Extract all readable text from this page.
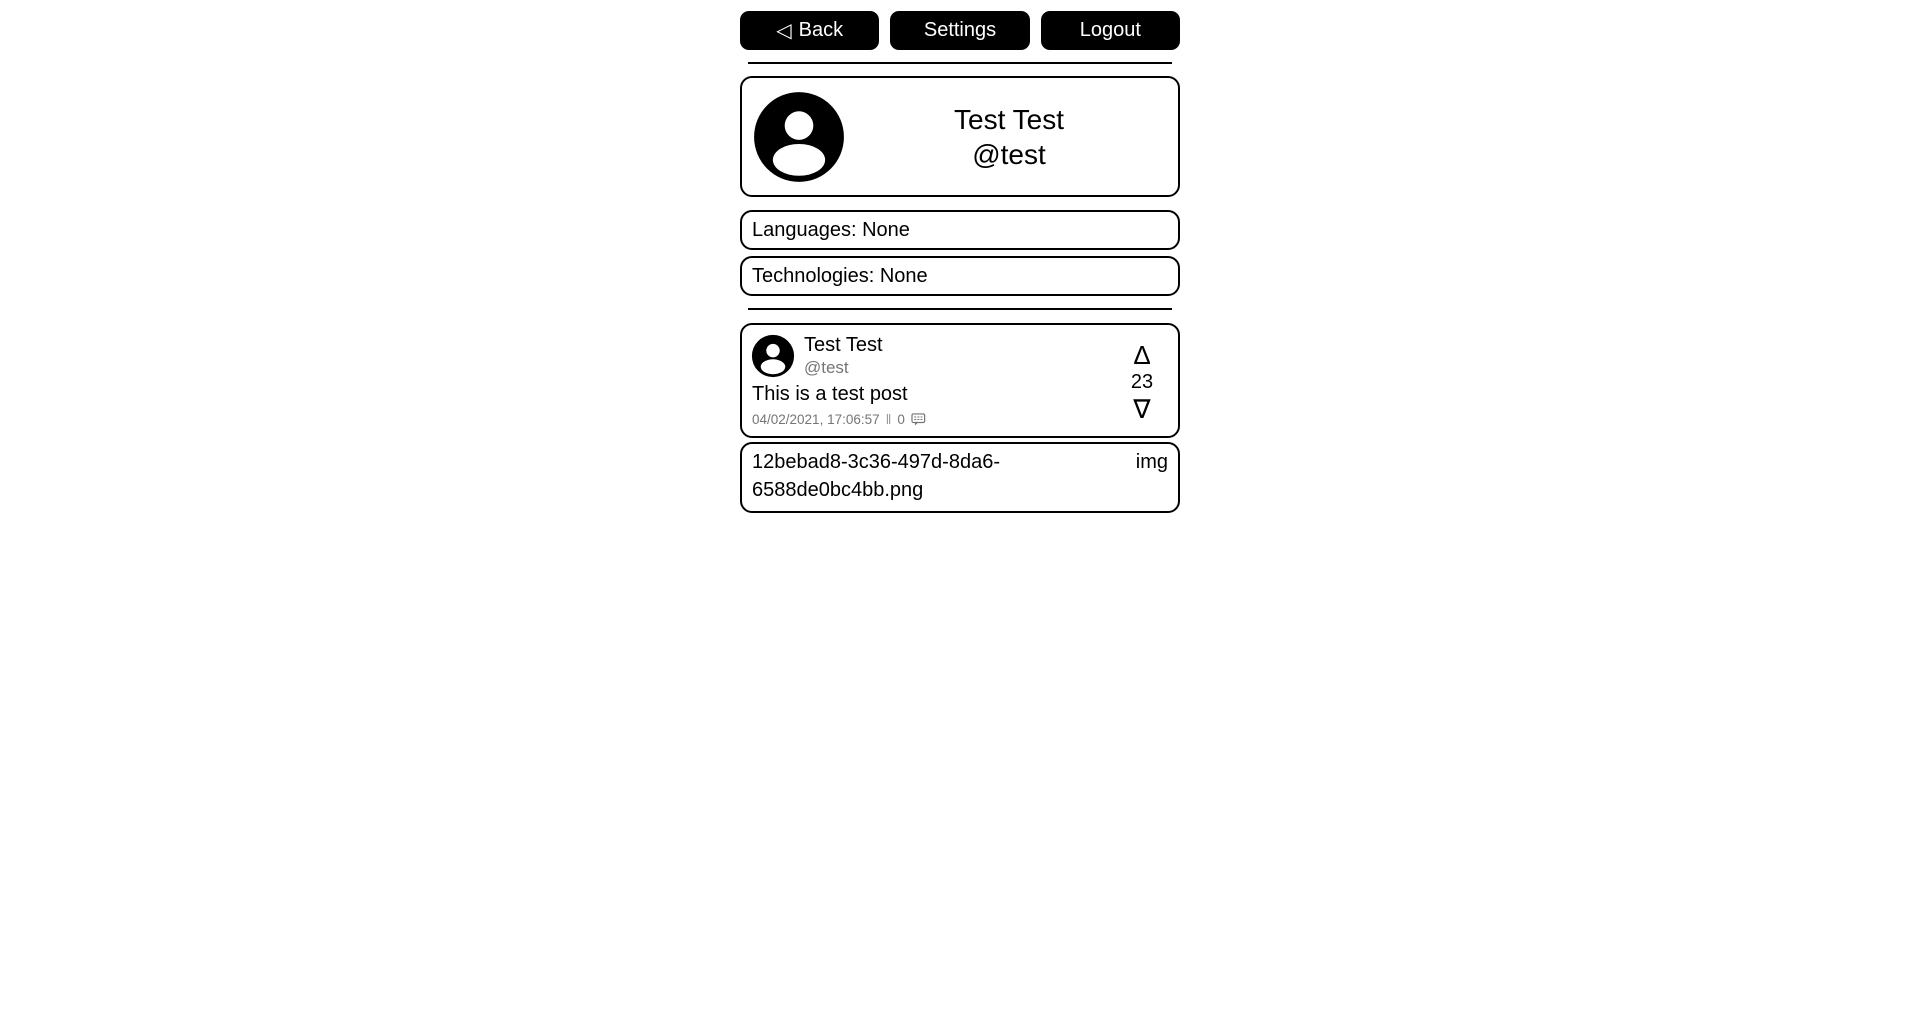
◁ Back	Settings	Logout
Test Test
@test
Languages: None
Technologies: None
Test Test
@test
This is a test post
04/02/2021, 17:06:57 ‖ 0
Δ
23
∇
12bebad8-3c36-497d-8da6-6588de0bc4bb.png
img
